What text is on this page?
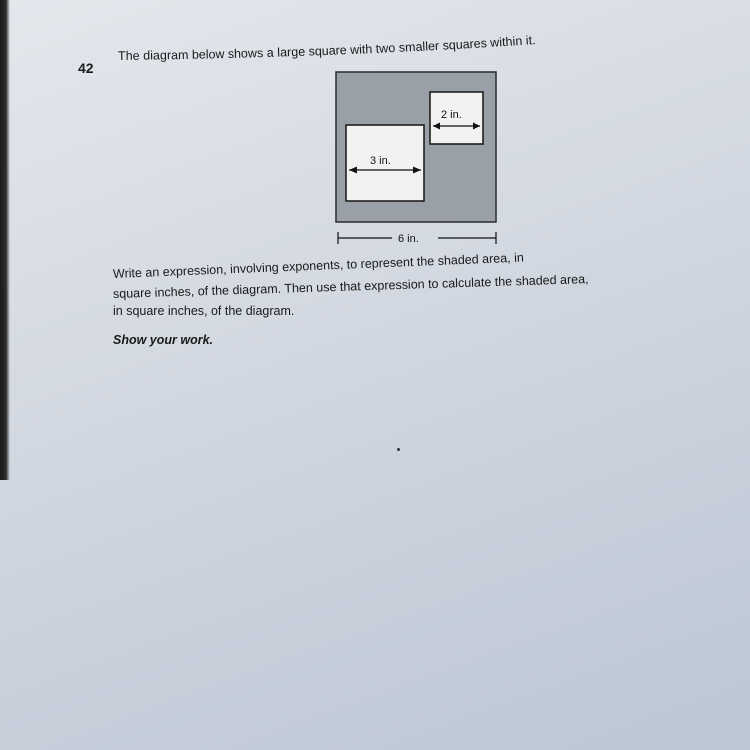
42
The diagram below shows a large square with two smaller squares within it.
2 in.
3 in.
6 in.
Write an expression, involving exponents, to represent the shaded area, in
square inches, of the diagram. Then use that expression to calculate the shaded area,
in square inches, of the diagram.
Show your work.
